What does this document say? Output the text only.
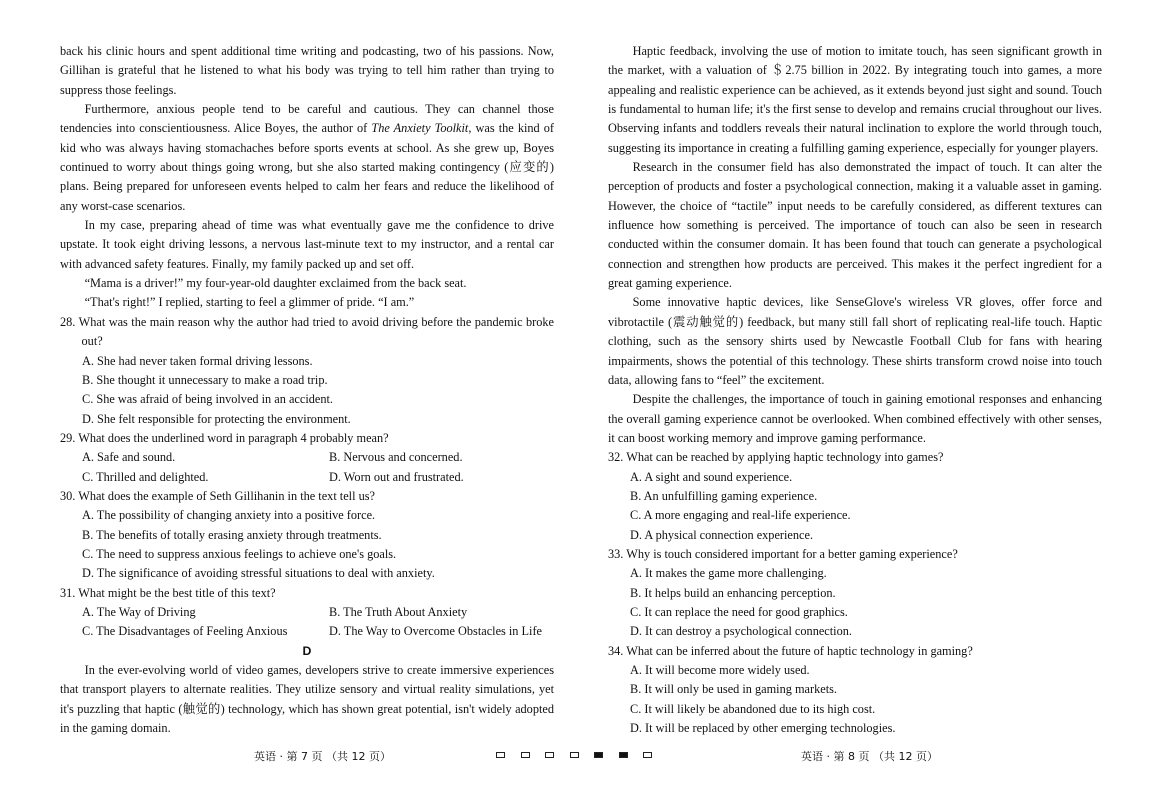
back his clinic hours and spent additional time writing and podcasting, two of his passions. Now, Gillihan is grateful that he listened to what his body was trying to tell him rather than trying to suppress those feelings.

Furthermore, anxious people tend to be careful and cautious. They can channel those tendencies into conscientiousness. Alice Boyes, the author of The Anxiety Toolkit, was the kind of kid who was always having stomachaches before sports events at school. As she grew up, Boyes continued to worry about things going wrong, but she also started making contingency (应变的) plans. Being prepared for unforeseen events helped to calm her fears and reduce the likelihood of any worst-case scenarios.

In my case, preparing ahead of time was what eventually gave me the confidence to drive upstate. It took eight driving lessons, a nervous last-minute text to my instructor, and a rental car with advanced safety features. Finally, my family packed up and set off.

“Mama is a driver!” my four-year-old daughter exclaimed from the back seat.

“That's right!” I replied, starting to feel a glimmer of pride. “I am.”

28. What was the main reason why the author had tried to avoid driving before the pandemic broke out?

A. She had never taken formal driving lessons.

B. She thought it unnecessary to make a road trip.

C. She was afraid of being involved in an accident.

D. She felt responsible for protecting the environment.

29. What does the underlined word in paragraph 4 probably mean?

A. Safe and sound.	B. Nervous and concerned.
C. Thrilled and delighted.	D. Worn out and frustrated.

30. What does the example of Seth Gillihanin in the text tell us?

A. The possibility of changing anxiety into a positive force.

B. The benefits of totally erasing anxiety through treatments.

C. The need to suppress anxious feelings to achieve one's goals.

D. The significance of avoiding stressful situations to deal with anxiety.

31. What might be the best title of this text?

A. The Way of Driving	B. The Truth About Anxiety
C. The Disadvantages of Feeling Anxious	D. The Way to Overcome Obstacles in Life

D

In the ever-evolving world of video games, developers strive to create immersive experiences that transport players to alternate realities. They utilize sensory and virtual reality simulations, yet it's puzzling that haptic (触觉的) technology, which has shown great potential, isn't widely adopted in the gaming domain.

Haptic feedback, involving the use of motion to imitate touch, has seen significant growth in the market, with a valuation of ＄2.75 billion in 2022. By integrating touch into games, a more appealing and realistic experience can be achieved, as it extends beyond just sight and sound. Touch is fundamental to human life; it's the first sense to develop and remains crucial throughout our lives. Observing infants and toddlers reveals their natural inclination to explore the world through touch, suggesting its importance in creating a fulfilling gaming experience, especially for younger players.

Research in the consumer field has also demonstrated the impact of touch. It can alter the perception of products and foster a psychological connection, making it a valuable asset in gaming. However, the choice of “tactile” input needs to be carefully considered, as different textures can influence how something is perceived. The importance of touch can also be seen in research conducted within the consumer domain. It has been found that touch can generate a psychological connection and strengthen how products are perceived. This makes it the perfect ingredient for a great gaming experience.

Some innovative haptic devices, like SenseGlove's wireless VR gloves, offer force and vibrotactile (震动触觉的) feedback, but many still fall short of replicating real-life touch. Haptic clothing, such as the sensory shirts used by Newcastle Football Club for fans with hearing impairments, shows the potential of this technology. These shirts transform crowd noise into touch data, allowing fans to “feel” the excitement.

Despite the challenges, the importance of touch in gaining emotional responses and enhancing the overall gaming experience cannot be overlooked. When combined effectively with other senses, it can boost working memory and improve gaming performance.

32. What can be reached by applying haptic technology into games?

A. A sight and sound experience.

B. An unfulfilling gaming experience.

C. A more engaging and real-life experience.

D. A physical connection experience.

33. Why is touch considered important for a better gaming experience?

A. It makes the game more challenging.

B. It helps build an enhancing perception.

C. It can replace the need for good graphics.

D. It can destroy a psychological connection.

34. What can be inferred about the future of haptic technology in gaming?

A. It will become more widely used.

B. It will only be used in gaming markets.

C. It will likely be abandoned due to its high cost.

D. It will be replaced by other emerging technologies.

英语 · 第 7 页 （共 12 页）	英语 · 第 8 页 （共 12 页）
